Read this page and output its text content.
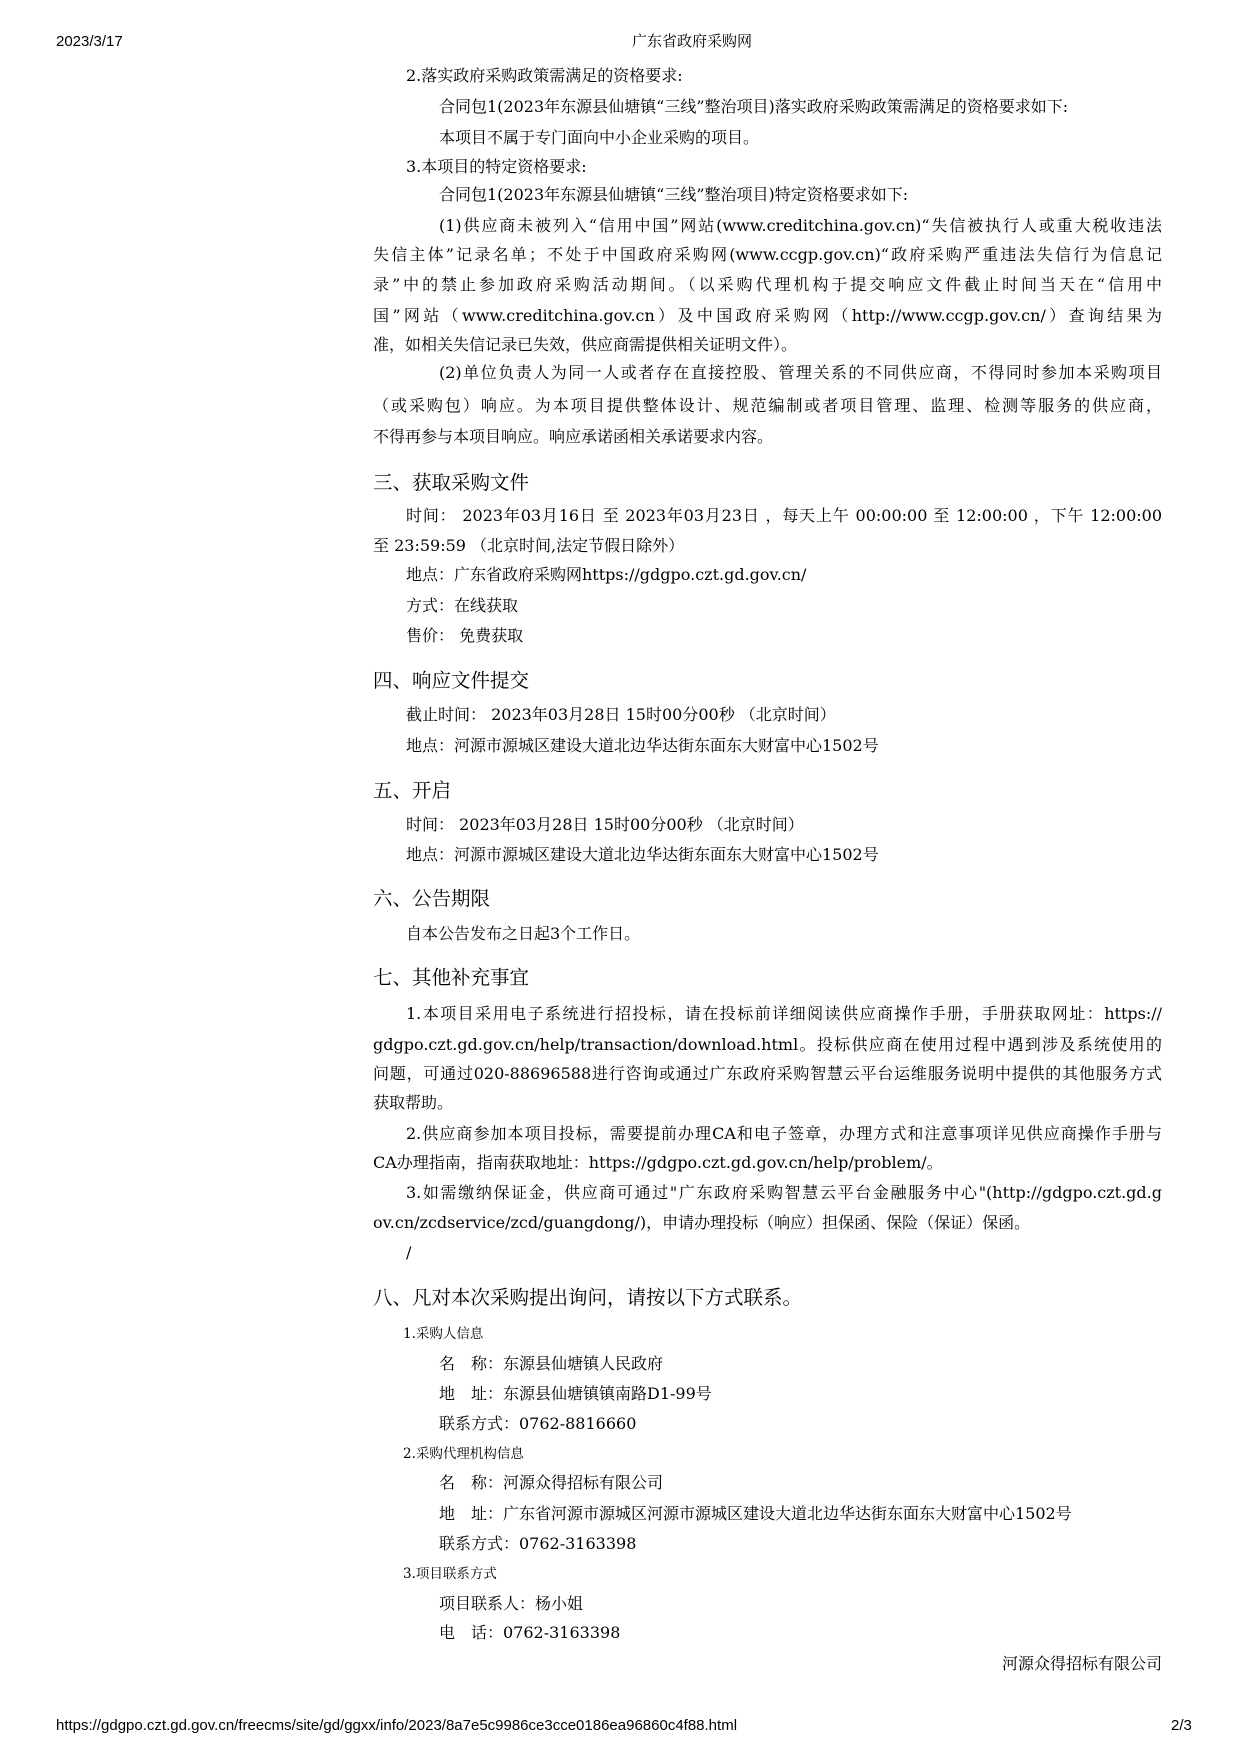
2023/3/17	广东省政府采购网
2.落实政府采购政策需满足的资格要求:
合同包1(2023年东源县仙塘镇“三线”整治项目)落实政府采购政策需满足的资格要求如下:
本项目不属于专门面向中小企业采购的项目。
3.本项目的特定资格要求:
合同包1(2023年东源县仙塘镇“三线”整治项目)特定资格要求如下:
(1)供应商未被列入“信用中国”网站(www.creditchina.gov.cn)“失信被执行人或重大税收违法
失信主体”记录名单；不处于中国政府采购网(www.ccgp.gov.cn)“政府采购严重违法失信行为信息记
录”中的禁止参加政府采购活动期间。（以采购代理机构于提交响应文件截止时间当天在“信用中
国”网站（www.creditchina.gov.cn）及中国政府采购网（http://www.ccgp.gov.cn/）查询结果为
准，如相关失信记录已失效，供应商需提供相关证明文件）。
(2)单位负责人为同一人或者存在直接控股、管理关系的不同供应商，不得同时参加本采购项目
（或采购包）响应。为本项目提供整体设计、规范编制或者项目管理、监理、检测等服务的供应商，
不得再参与本项目响应。响应承诺函相关承诺要求内容。
三、获取采购文件
时间： 2023年03月16日 至 2023年03月23日 ，每天上午 00:00:00 至 12:00:00 ，下午 12:00:00
至 23:59:59 （北京时间,法定节假日除外）
地点：广东省政府采购网https://gdgpo.czt.gd.gov.cn/
方式：在线获取
售价： 免费获取
四、响应文件提交
截止时间： 2023年03月28日 15时00分00秒 （北京时间）
地点：河源市源城区建设大道北边华达街东面东大财富中心1502号
五、开启
时间： 2023年03月28日 15时00分00秒 （北京时间）
地点：河源市源城区建设大道北边华达街东面东大财富中心1502号
六、公告期限
自本公告发布之日起3个工作日。
七、其他补充事宜
1.本项目采用电子系统进行招投标，请在投标前详细阅读供应商操作手册，手册获取网址：https://
gdgpo.czt.gd.gov.cn/help/transaction/download.html。投标供应商在使用过程中遇到涉及系统使用的
问题，可通过020-88696588进行咨询或通过广东政府采购智慧云平台运维服务说明中提供的其他服务方式
获取帮助。
2.供应商参加本项目投标，需要提前办理CA和电子签章，办理方式和注意事项详见供应商操作手册与
CA办理指南，指南获取地址：https://gdgpo.czt.gd.gov.cn/help/problem/。
3.如需缴纳保证金，供应商可通过"广东政府采购智慧云平台金融服务中心"(http://gdgpo.czt.gd.g
ov.cn/zcdservice/zcd/guangdong/)，申请办理投标（响应）担保函、保险（保证）保函。
/
八、凡对本次采购提出询问，请按以下方式联系。
1.采购人信息
名　称：东源县仙塘镇人民政府
地　址：东源县仙塘镇镇南路D1-99号
联系方式：0762-8816660
2.采购代理机构信息
名　称：河源众得招标有限公司
地　址：广东省河源市源城区河源市源城区建设大道北边华达街东面东大财富中心1502号
联系方式：0762-3163398
3.项目联系方式
项目联系人：杨小姐
电　话：0762-3163398
河源众得招标有限公司
https://gdgpo.czt.gd.gov.cn/freecms/site/gd/ggxx/info/2023/8a7e5c9986ce3cce0186ea96860c4f88.html	2/3
